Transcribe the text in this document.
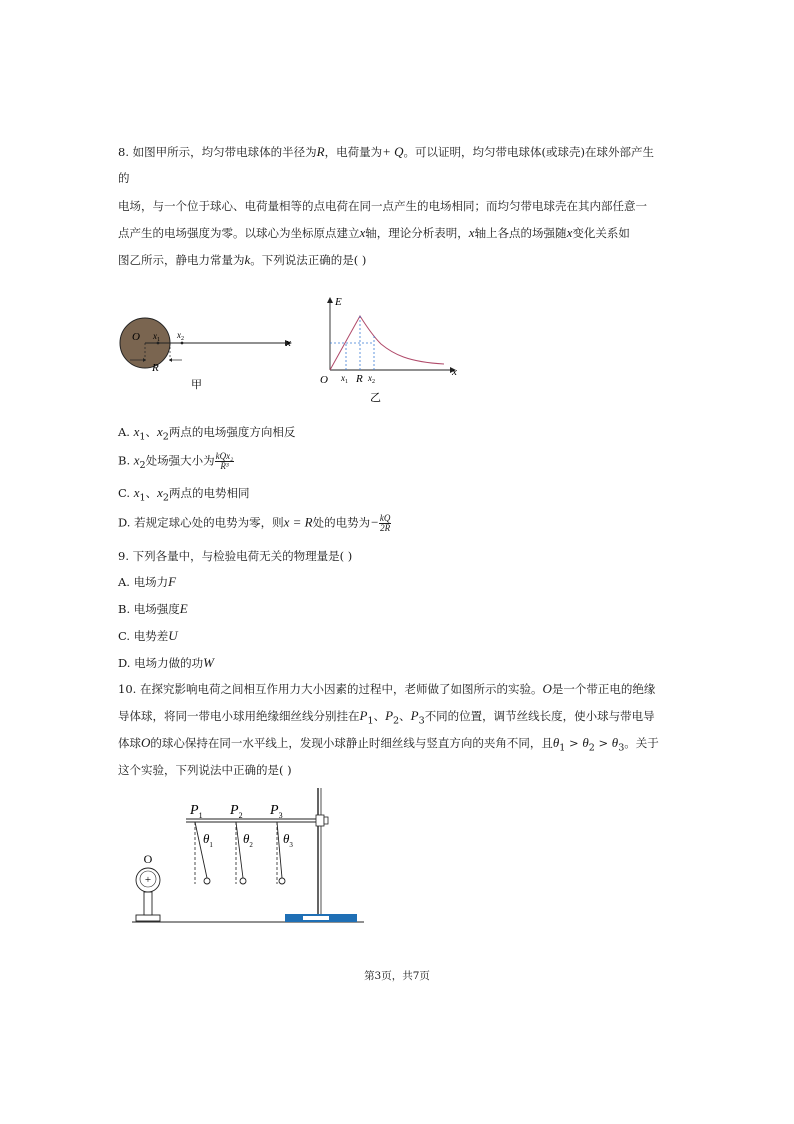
8. 如图甲所示，均匀带电球体的半径为R，电荷量为+ Q。可以证明，均匀带电球体(或球壳)在球外部产生
的
电场，与一个位于球心、电荷量相等的点电荷在同一点产生的电场相同；而均匀带电球壳在其内部任意一
点产生的电场强度为零。以球心为坐标原点建立x轴，理论分析表明，x轴上各点的场强随x变化关系如
图乙所示，静电力常量为k。下列说法正确的是( )
O $x_1$ $x_2$
R
x
甲
E
O $x_1$ R $x_2$
x
乙
A. $x_1$、$x_2$两点的电场强度方向相反
B. $x_2$处场强大小为 $\frac{\text{kQx₂}}{\text{R³}}$
C. $x_1$、$x_2$两点的电势相同
D. 若规定球心处的电势为零，则x = R处的电势为− $\frac{kQ}{2R}$
9. 下列各量中，与检验电荷无关的物理量是( )
A. 电场力F
B. 电场强度E
C. 电势差U
D. 电场力做的功W
10. 在探究影响电荷之间相互作用力大小因素的过程中，老师做了如图所示的实验。O是一个带正电的绝缘
导体球，将同一带电小球用绝缘细丝线分别挂在$P_1$、$P_2$、$P_3$不同的位置，调节丝线长度，使小球与带电导
体球O的球心保持在同一水平线上，发现小球静止时细丝线与竖直方向的夹角不同，且$\theta_1 > \theta_2 > \theta_3$。关于
这个实验，下列说法中正确的是( )
+
O
$P_1$ $P_2$ $P_3$
$\theta_1$ $\theta_2$ $\theta_3$
第3页，共7页
